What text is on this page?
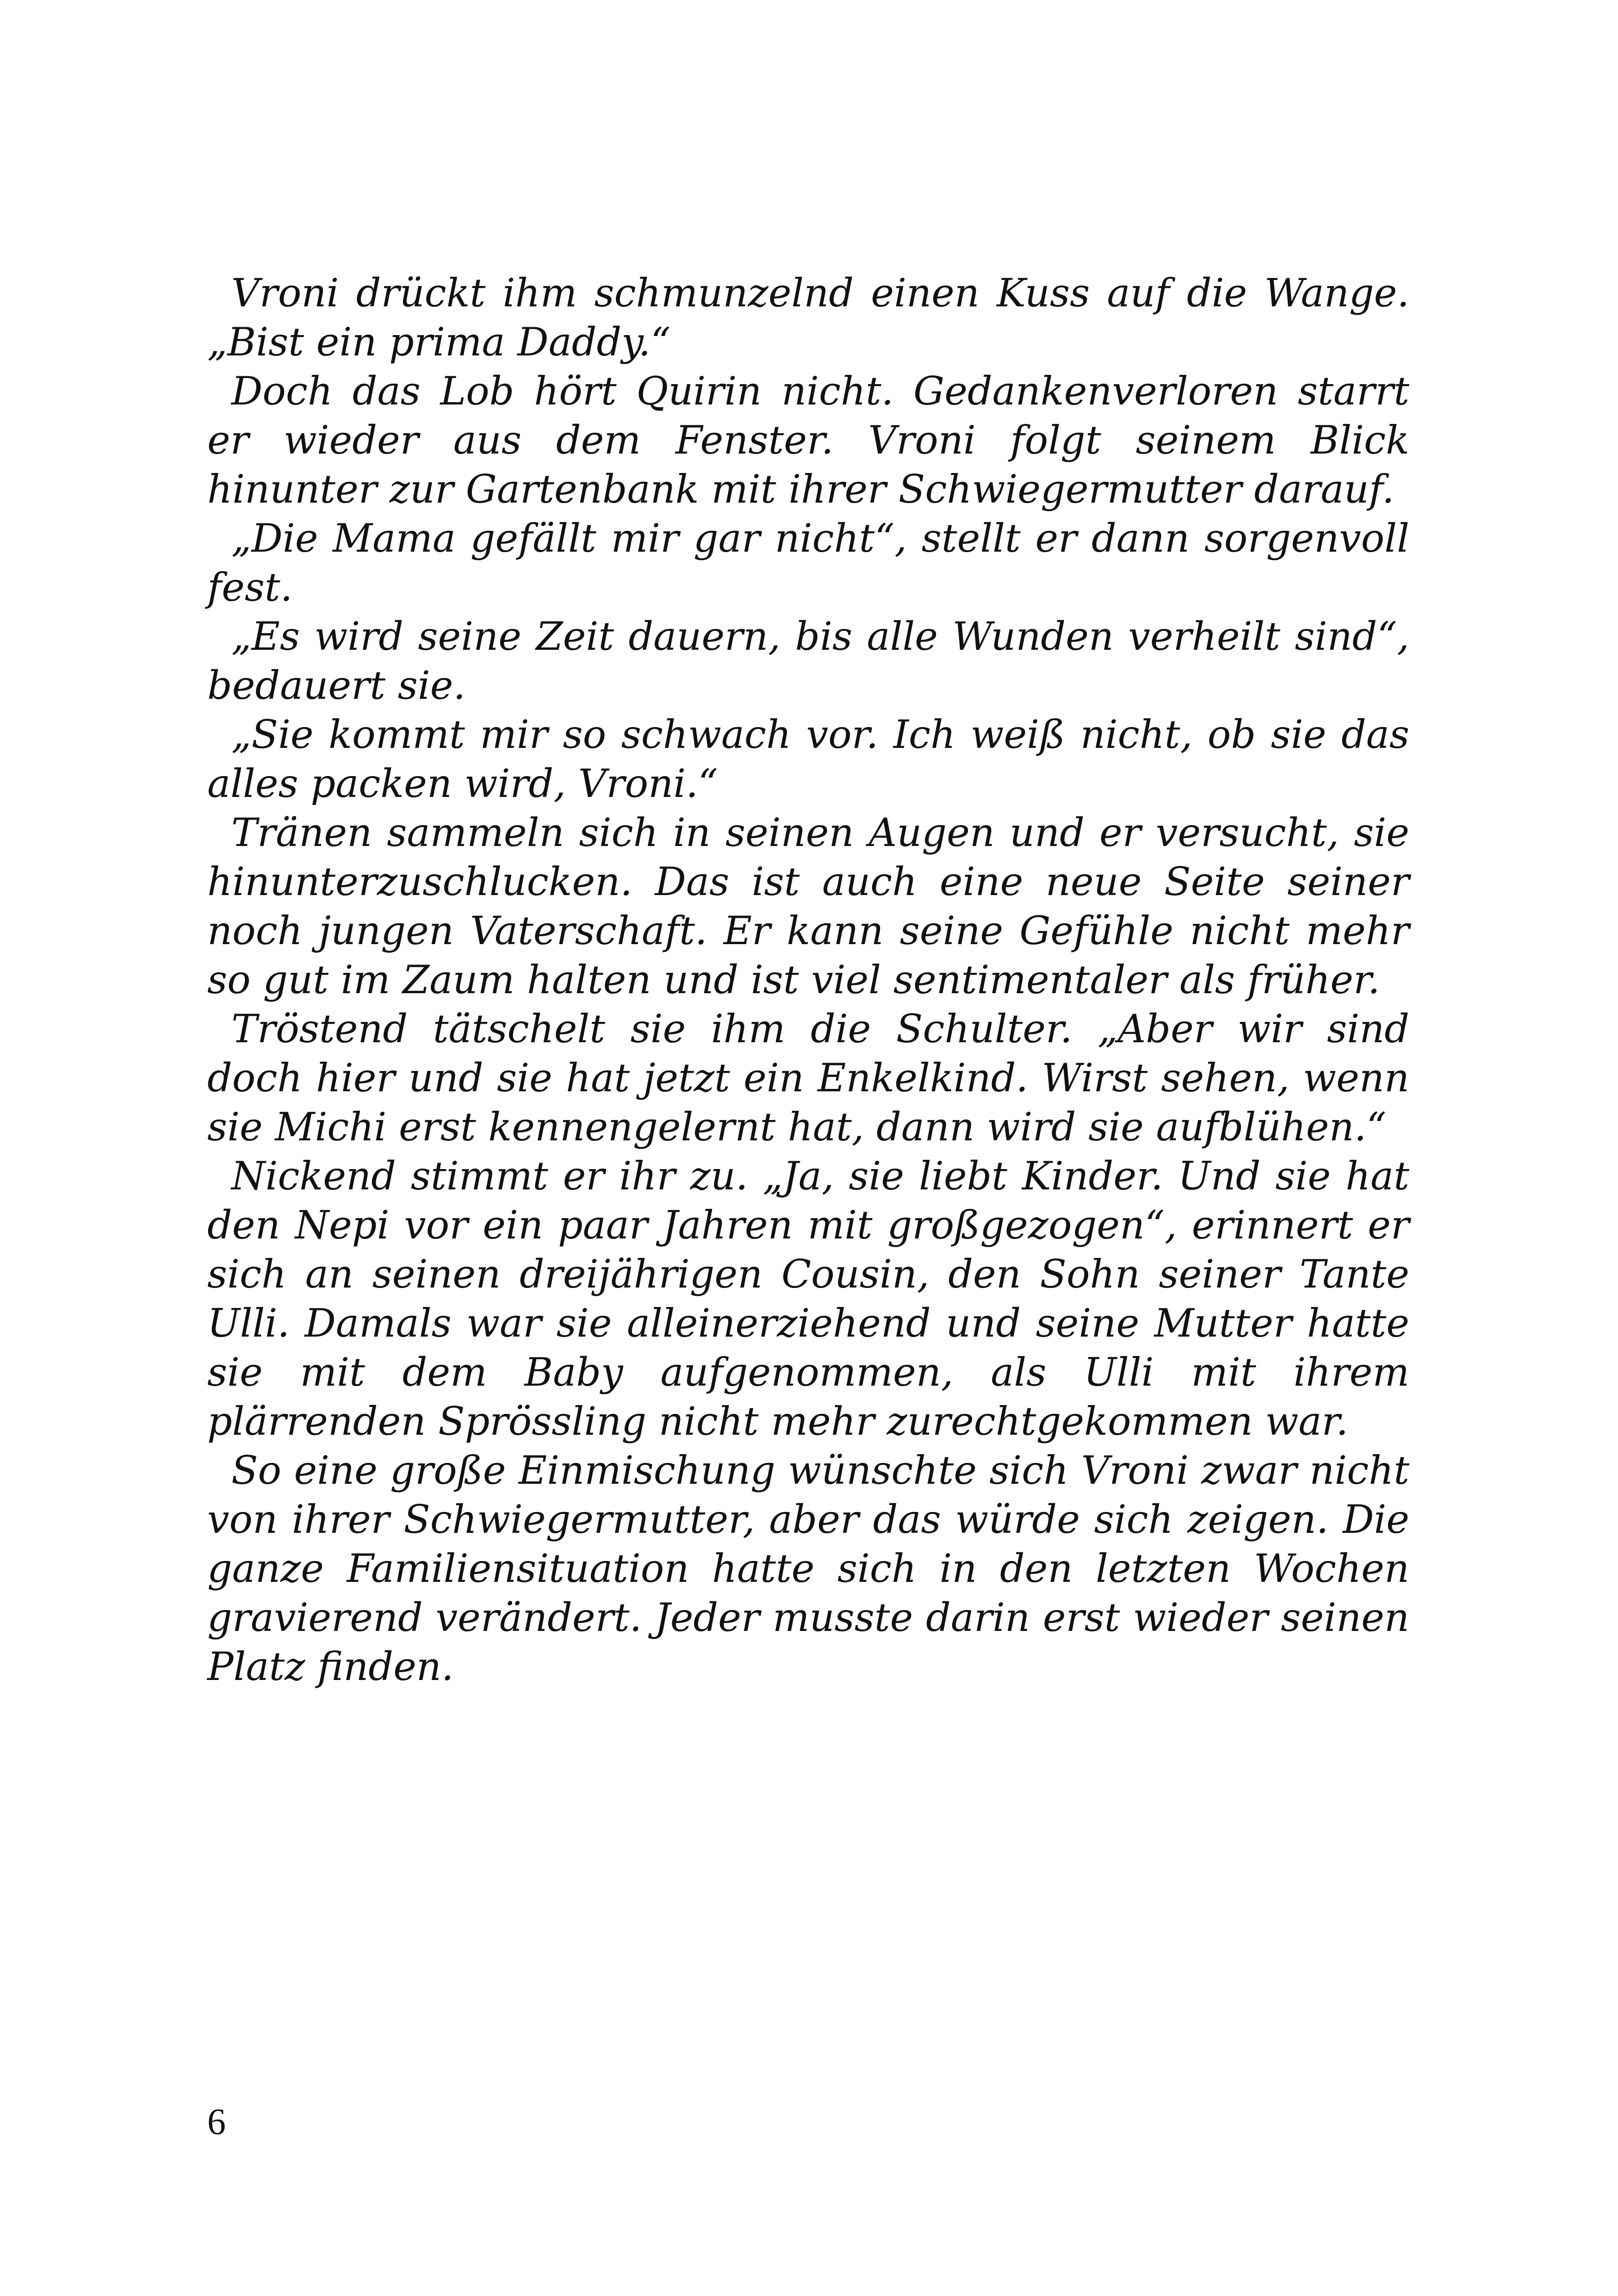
Vroni drückt ihm schmunzelnd einen Kuss auf die Wange. „Bist ein prima Daddy.“

Doch das Lob hört Quirin nicht. Gedankenverloren starrt er wieder aus dem Fenster. Vroni folgt seinem Blick hinunter zur Gartenbank mit ihrer Schwiegermutter darauf.

„Die Mama gefällt mir gar nicht“, stellt er dann sorgenvoll fest.

„Es wird seine Zeit dauern, bis alle Wunden verheilt sind“, bedauert sie.

„Sie kommt mir so schwach vor. Ich weiß nicht, ob sie das alles packen wird, Vroni.“

Tränen sammeln sich in seinen Augen und er versucht, sie hinunterzuschlucken. Das ist auch eine neue Seite seiner noch jungen Vaterschaft. Er kann seine Gefühle nicht mehr so gut im Zaum halten und ist viel sentimentaler als früher.

Tröstend tätschelt sie ihm die Schulter. „Aber wir sind doch hier und sie hat jetzt ein Enkelkind. Wirst sehen, wenn sie Michi erst kennengelernt hat, dann wird sie aufblühen.“

Nickend stimmt er ihr zu. „Ja, sie liebt Kinder. Und sie hat den Nepi vor ein paar Jahren mit großgezogen“, erinnert er sich an seinen dreijährigen Cousin, den Sohn seiner Tante Ulli. Damals war sie alleinerziehend und seine Mutter hatte sie mit dem Baby aufgenommen, als Ulli mit ihrem plärrenden Sprössling nicht mehr zurechtgekommen war.

So eine große Einmischung wünschte sich Vroni zwar nicht von ihrer Schwiegermutter, aber das würde sich zeigen. Die ganze Familiensituation hatte sich in den letzten Wochen gravierend verändert. Jeder musste darin erst wieder seinen Platz finden.

6
